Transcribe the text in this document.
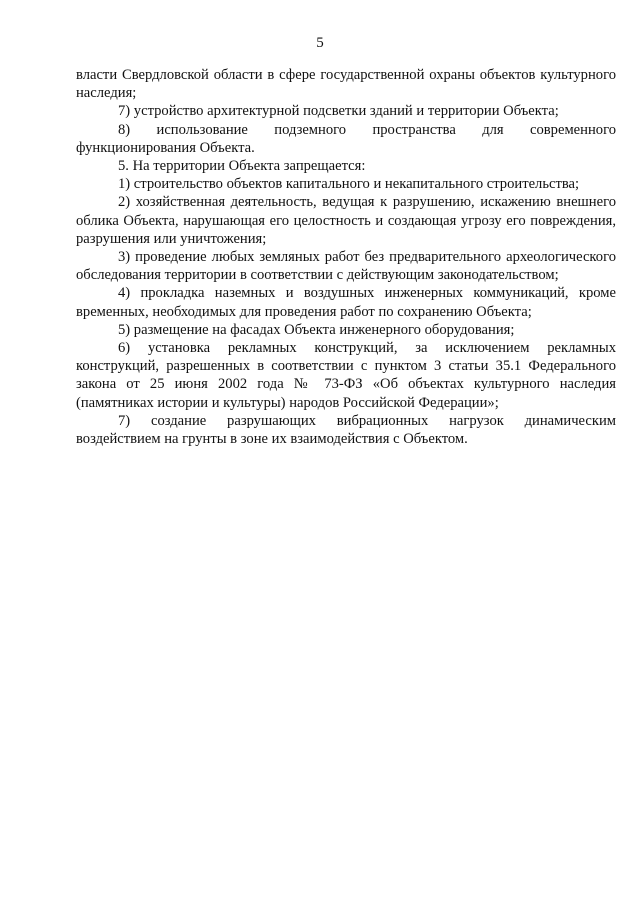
5

власти Свердловской области в сфере государственной охраны объектов культурного наследия;

7) устройство архитектурной подсветки зданий и территории Объекта;

8) использование подземного пространства для современного функционирования Объекта.

5. На территории Объекта запрещается:

1) строительство объектов капитального и некапитального строительства;

2) хозяйственная деятельность, ведущая к разрушению, искажению внешнего облика Объекта, нарушающая его целостность и создающая угрозу его повреждения, разрушения или уничтожения;

3) проведение любых земляных работ без предварительного археологического обследования территории в соответствии с действующим законодательством;

4) прокладка наземных и воздушных инженерных коммуникаций, кроме временных, необходимых для проведения работ по сохранению Объекта;

5) размещение на фасадах Объекта инженерного оборудования;

6) установка рекламных конструкций, за исключением рекламных конструкций, разрешенных в соответствии с пунктом 3 статьи 35.1 Федерального закона от 25 июня 2002 года № 73-ФЗ «Об объектах культурного наследия (памятниках истории и культуры) народов Российской Федерации»;

7) создание разрушающих вибрационных нагрузок динамическим воздействием на грунты в зоне их взаимодействия с Объектом.
